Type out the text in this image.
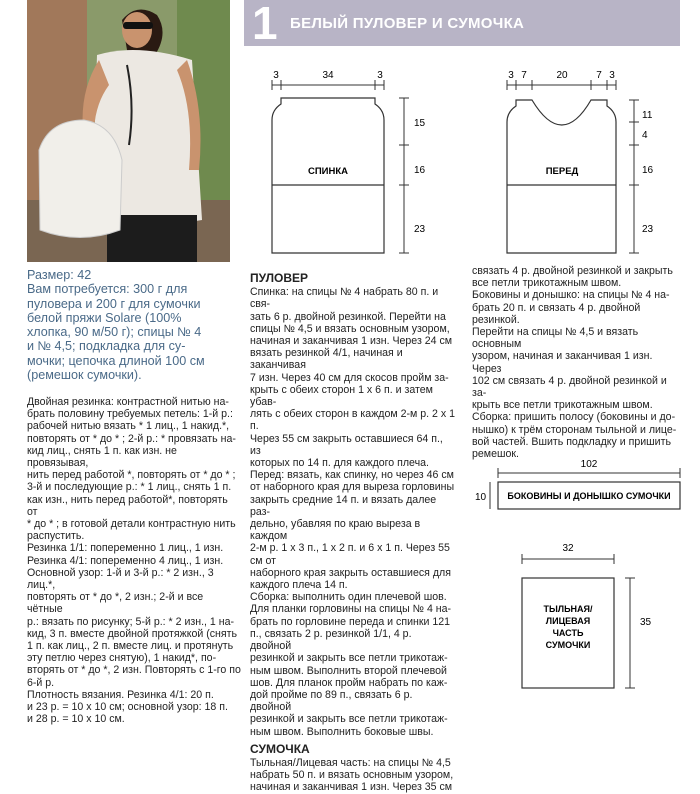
1 БЕЛЫЙ ПУЛОВЕР И СУМОЧКА
3	34	3
СПИНКА
15
16
23
3 7	20	7 3
ПЕРЕД
11
4
16
23
Размер: 42
Вам потребуется: 300 г для
пуловера и 200 г для сумочки
белой пряжи Solare (100%
хлопка, 90 м/50 г); спицы № 4
и № 4,5; подкладка для су-
мочки; цепочка длиной 100 см
(ремешок сумочки).
Двойная резинка: контрастной нитью на-
брать половину требуемых петель: 1-й р.:
рабочей нитью вязать * 1 лиц., 1 накид.*,
повторять от * до * ; 2-й р.: * провязать на-
кид лиц., снять 1 п. как изн. не провязывая,
нить перед работой *, повторять от * до * ;
3-й и последующие р.: * 1 лиц., снять 1 п.
как изн., нить перед работой*, повторять от
* до * ; в готовой детали контрастную нить
распустить.
Резинка 1/1: попеременно 1 лиц., 1 изн.
Резинка 4/1: попеременно 4 лиц., 1 изн.
Основной узор: 1-й и 3-й р.: * 2 изн., 3 лиц.*,
повторять от * до *, 2 изн.; 2-й и все чётные
р.: вязать по рисунку; 5-й р.: * 2 изн., 1 на-
кид, 3 п. вместе двойной протяжкой (снять
1 п. как лиц., 2 п. вместе лиц. и протянуть
эту петлю через снятую), 1 накид*, по-
вторять от * до *, 2 изн. Повторять с 1-го по
6-й р.
Плотность вязания. Резинка 4/1: 20 п.
и 23 р. = 10 х 10 см; основной узор: 18 п.
и 28 р. = 10 х 10 см.
ПУЛОВЕР
Спинка: на спицы № 4 набрать 80 п. и свя-
зать 6 р. двойной резинкой. Перейти на
спицы № 4,5 и вязать основным узором,
начиная и заканчивая 1 изн. Через 24 см
вязать резинкой 4/1, начиная и заканчивая
7 изн. Через 40 см для скосов пройм за-
крыть с обеих сторон 1 х 6 п. и затем убав-
лять с обеих сторон в каждом 2-м р. 2 х 1 п.
Через 55 см закрыть оставшиеся 64 п., из
которых по 14 п. для каждого плеча.
Перед: вязать, как спинку, но через 46 см
от наборного края для выреза горловины
закрыть средние 14 п. и вязать далее раз-
дельно, убавляя по краю выреза в каждом
2-м р. 1 х 3 п., 1 х 2 п. и 6 х 1 п. Через 55 см от
наборного края закрыть оставшиеся для
каждого плеча 14 п.
Сборка: выполнить один плечевой шов.
Для планки горловины на спицы № 4 на-
брать по горловине переда и спинки 121
п., связать 2 р. резинкой 1/1, 4 р. двойной
резинкой и закрыть все петли трикотаж-
ным швом. Выполнить второй плечевой
шов. Для планок пройм набрать по каж-
дой пройме по 89 п., связать 6 р. двойной
резинкой и закрыть все петли трикотаж-
ным швом. Выполнить боковые швы.
СУМОЧКА
Тыльная/Лицевая часть: на спицы № 4,5
набрать 50 п. и вязать основным узором,
начиная и заканчивая 1 изн. Через 35 см
связать 4 р. двойной резинкой и закрыть
все петли трикотажным швом.
Боковины и донышко: на спицы № 4 на-
брать 20 п. и связать 4 р. двойной резинкой.
Перейти на спицы № 4,5 и вязать основным
узором, начиная и заканчивая 1 изн. Через
102 см связать 4 р. двойной резинкой и за-
крыть все петли трикотажным швом.
Сборка: пришить полосу (боковины и до-
нышко) к трём сторонам тыльной и лице-
вой частей. Вшить подкладку и пришить
ремешок.
102
БОКОВИНЫ И ДОНЫШКО СУМОЧКИ
10
32
ТЫЛЬНАЯ/
ЛИЦЕВАЯ
ЧАСТЬ
СУМОЧКИ
35
